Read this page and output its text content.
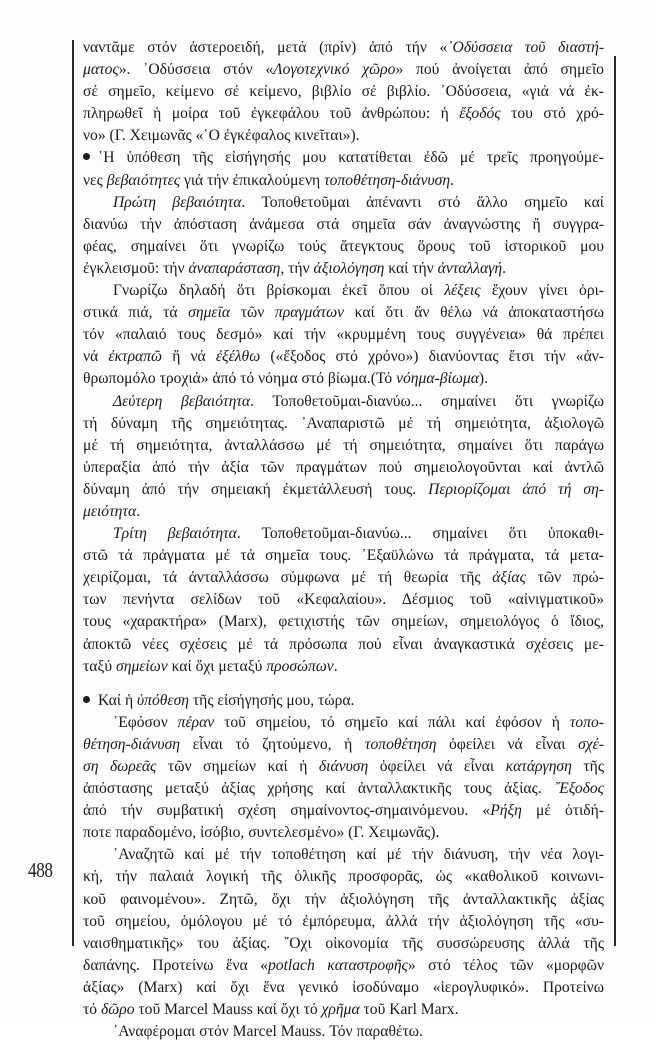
488
ναντᾶμε στόν ἀστεροειδή, μετά (πρίν) ἀπό τήν «᾿Οδύσσεια τοῦ διαστή-
ματος». ᾿Οδύσσεια στόν «Λογοτεχνικό χῶρο» πού ἀνοίγεται ἀπό σημεῖο
σέ σημεῖο, κείμενο σέ κείμενο, βιβλίο σέ βιβλίο. ᾿Οδύσσεια, «γιά νά ἐκ-
πληρωθεῖ ἡ μοίρα τοῦ ἐγκεφάλου τοῦ ἀνθρώπου: ἡ ἔξοδός του στό χρό-
νο» (Γ. Χειμωνᾶς «῾Ο ἐγκέφαλος κινεῖται»).
῾Η ὑπόθεση τῆς εἰσήγησής μου κατατίθεται ἐδῶ μέ τρεῖς προηγούμε-
νες βεβαιότητες γιά τήν ἐπικαλούμενη τοποθέτηση-διάνυση.
Πρώτη βεβαιότητα. Τοποθετοῦμαι ἀπέναντι στό ἄλλο σημεῖο καί
διανύω τήν ἀπόσταση ἀνάμεσα στά σημεῖα σάν ἀναγνώστης ἤ συγγρα-
φέας, σημαίνει ὅτι γνωρίζω τούς ἄτεγκτους ὅρους τοῦ ἱστορικοῦ μου
ἐγκλεισμοῦ: τήν ἀναπαράσταση, τήν ἀξιολόγηση καί τήν ἀνταλλαγή.
Γνωρίζω δηλαδή ὅτι βρίσκομαι ἐκεῖ ὅπου οἱ λέξεις ἔχουν γίνει ὁρι-
στικά πιά, τά σημεῖα τῶν πραγμάτων καί ὅτι ἄν θέλω νά ἀποκαταστήσω
τόν «παλαιό τους δεσμό» καί τήν «κρυμμένη τους συγγένεια» θά πρέπει
νά ἐκτραπῶ ἤ νά ἐξέλθω («ἔξοδος στό χρόνο») διανύοντας ἔτσι τήν «ἀν-
θρωπομόλο τροχιά» ἀπό τό νόημα στό βίωμα.(Τό νόημα-βίωμα).
Δεύτερη βεβαιότητα. Τοποθετοῦμαι-διανύω... σημαίνει ὅτι γνωρίζω
τή δύναμη τῆς σημειότητας. ᾿Αναπαριστῶ μέ τή σημειότητα, ἀξιολογῶ
μέ τή σημειότητα, ἀνταλλάσσω μέ τή σημειότητα, σημαίνει ὅτι παράγω
ὑπεραξία ἀπό τήν ἀξία τῶν πραγμάτων πού σημειολογοῦνται καί ἀντλῶ
δύναμη ἀπό τήν σημειακή ἐκμετάλλευσή τους. Περιορίζομαι ἀπό τή ση-
μειότητα.
Τρίτη βεβαιότητα. Τοποθετοῦμαι-διανύω... σημαίνει ὅτι ὑποκαθι-
στῶ τά πράγματα μέ τά σημεῖα τους. ᾿Εξαϋλώνω τά πράγματα, τά μετα-
χειρίζομαι, τά ἀνταλλάσσω σύμφωνα μέ τή θεωρία τῆς ἀξίας τῶν πρώ-
των πενήντα σελίδων τοῦ «Κεφαλαίου». Δέσμιος τοῦ «αἰνιγματικοῦ»
τους «χαρακτήρα» (Marx), φετιχιστής τῶν σημείων, σημειολόγος ὁ ἴδιος,
ἀποκτῶ νέες σχέσεις μέ τά πρόσωπα πού εἶναι ἀναγκαστικά σχέσεις με-
ταξύ σημείων καί ὄχι μεταξύ προσώπων.
Καί ἡ ὑπόθεση τῆς εἰσήγησής μου, τώρα.
᾿Εφόσον πέραν τοῦ σημείου, τό σημεῖο καί πάλι καί ἐφόσον ἡ τοπο-
θέτηση-διάνυση εἶναι τό ζητούμενο, ἡ τοποθέτηση ὀφείλει νά εἶναι σχέ-
ση δωρεᾶς τῶν σημείων καί ἡ διάνυση ὀφείλει νά εἶναι κατάργηση τῆς
ἀπόστασης μεταξύ ἀξίας χρήσης καί ἀνταλλακτικῆς τους ἀξίας. ῎Εξοδος
ἀπό τήν συμβατική σχέση σημαίνοντος-σημαινόμενου. «Ρήξη μέ ὁτιδή-
ποτε παραδομένο, ἰσόβιο, συντελεσμένο» (Γ. Χειμωνᾶς).
᾿Αναζητῶ καί μέ τήν τοποθέτηση καί μέ τήν διάνυση, τήν νέα λογι-
κή, τήν παλαιά λογική τῆς ὁλικῆς προσφορᾶς, ὡς «καθολικοῦ κοινωνι-
κοῦ φαινομένου». Ζητῶ, ὄχι τήν ἀξιολόγηση τῆς ἀνταλλακτικῆς ἀξίας
τοῦ σημείου, ὁμόλογου μέ τό ἐμπόρευμα, ἀλλά τήν ἀξιολόγηση τῆς «συ-
ναισθηματικῆς» του ἀξίας. ῎Οχι οἰκονομία τῆς συσσώρευσης ἀλλά τῆς
δαπάνης. Προτείνω ἕνα «potlach καταστροφῆς» στό τέλος τῶν «μορφῶν
ἀξίας» (Marx) καί ὄχι ἕνα γενικό ἰσοδύναμο «ἱερογλυφικό». Προτείνω
τό δῶρο τοῦ Marcel Mauss καί ὄχι τό χρῆμα τοῦ Karl Marx.
᾿Αναφέρομαι στόν Marcel Mauss. Τόν παραθέτω.
